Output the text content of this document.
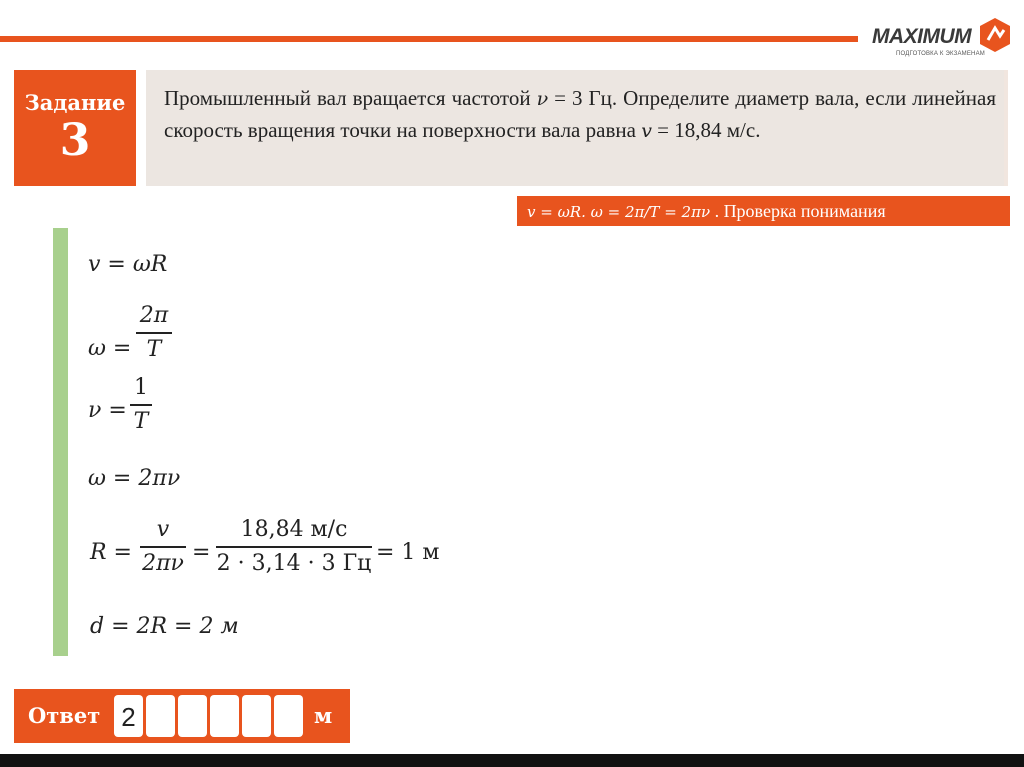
MAXIMUM
ПОДГОТОВКА К ЭКЗАМЕНАМ
Задание
3
Промышленный вал вращается частотой ν = 3 Гц. Определите диаметр вала, если линейная скорость вращения точки на поверхности вала равна v = 18,84 м/с.
v = ωR. ω = 2π/T = 2πν . Проверка понимания
v = ωR
ω =
2π
T
ν =
1
T
ω = 2πν
R =
v
2πν =
18,84 м/с
2 · 3,14 · 3 Гц = 1 м
d = 2R = 2 м
Ответ 2	м
